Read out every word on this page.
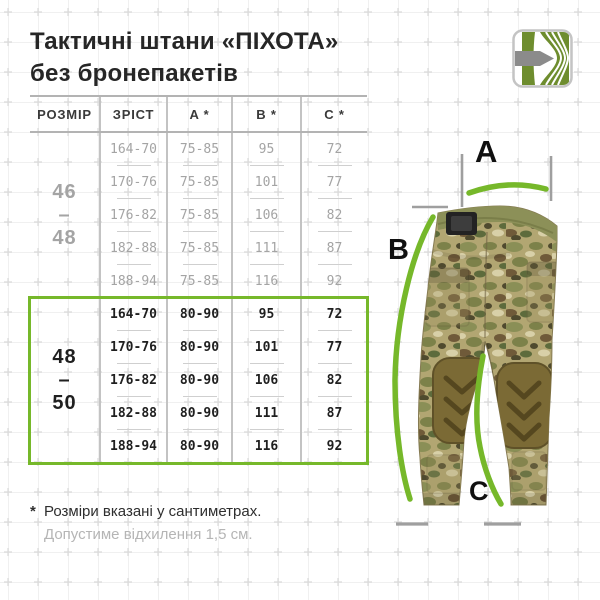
Тактичні штани «ПІХОТА»
без бронепакетів
РОЗМІР	ЗРІСТ	A *	B *	C *
46
–
48
164-70	75-85	95	72
170-76	75-85	101	77
176-82	75-85	106	82
182-88	75-85	111	87
188-94	75-85	116	92
48
–
50
164-70	80-90	95	72
170-76	80-90	101	77
176-82	80-90	106	82
182-88	80-90	111	87
188-94	80-90	116	92
* Розміри вказані у сантиметрах.
Допустиме відхилення 1,5 см.
A
B
C
